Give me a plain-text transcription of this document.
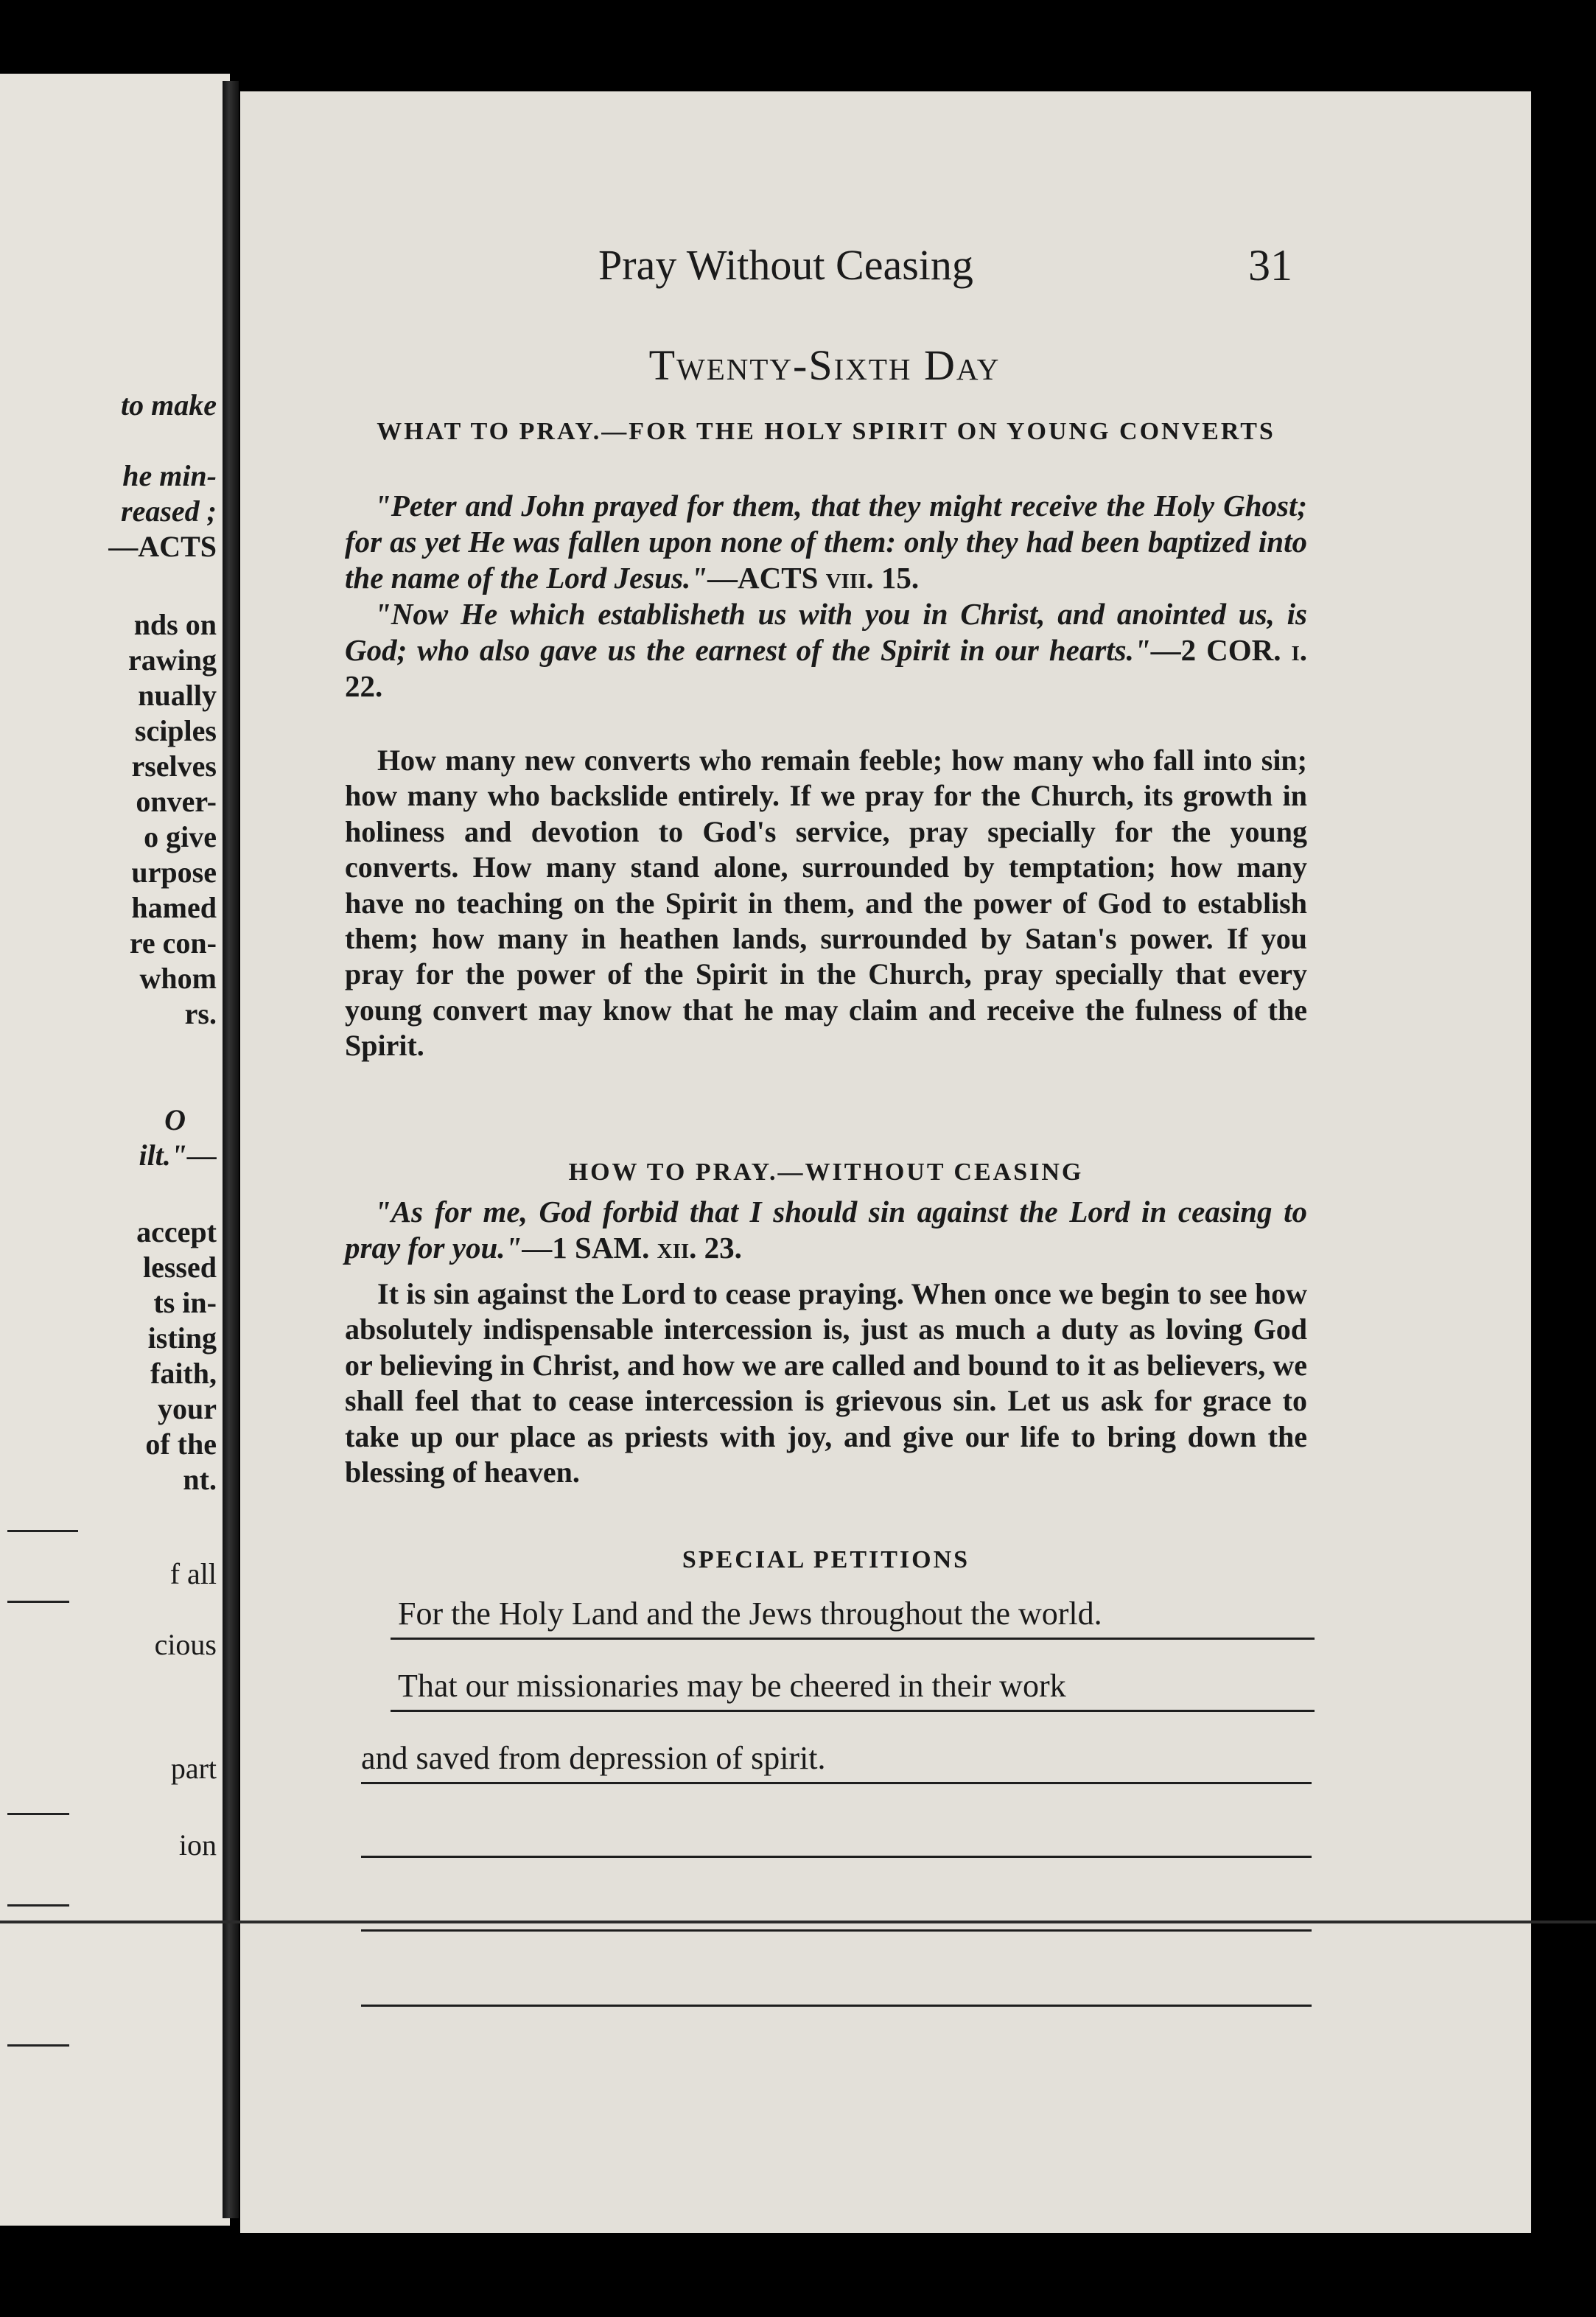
to make
he min-
reased ;
—ACTS
nds on
rawing
nually
sciples
rselves
onver-
o give
urpose
hamed
re con-
whom
rs.
O
ilt."—
accept
lessed
ts in-
isting
faith,
your
of the
nt.
f all
cious
part
ion
Pray Without Ceasing	31
Twenty-Sixth Day
WHAT TO PRAY.—FOR THE HOLY SPIRIT ON YOUNG CONVERTS

"Peter and John prayed for them, that they might receive the Holy Ghost; for as yet He was fallen upon none of them: only they had been baptized into the name of the Lord Jesus."—ACTS viii. 15.

"Now He which establisheth us with you in Christ, and anointed us, is God; who also gave us the earnest of the Spirit in our hearts."—2 COR. i. 22.

How many new converts who remain feeble; how many who fall into sin; how many who backslide entirely. If we pray for the Church, its growth in holiness and devotion to God's service, pray specially for the young converts. How many stand alone, surrounded by temptation; how many have no teaching on the Spirit in them, and the power of God to establish them; how many in heathen lands, surrounded by Satan's power. If you pray for the power of the Spirit in the Church, pray specially that every young convert may know that he may claim and receive the fulness of the Spirit.

HOW TO PRAY.—WITHOUT CEASING

"As for me, God forbid that I should sin against the Lord in ceasing to pray for you."—1 SAM. xii. 23.

It is sin against the Lord to cease praying. When once we begin to see how absolutely indispensable intercession is, just as much a duty as loving God or believing in Christ, and how we are called and bound to it as believers, we shall feel that to cease intercession is grievous sin. Let us ask for grace to take up our place as priests with joy, and give our life to bring down the blessing of heaven.

SPECIAL PETITIONS
For the Holy Land and the Jews throughout the world.
That our missionaries may be cheered in their work
and saved from depression of spirit.
